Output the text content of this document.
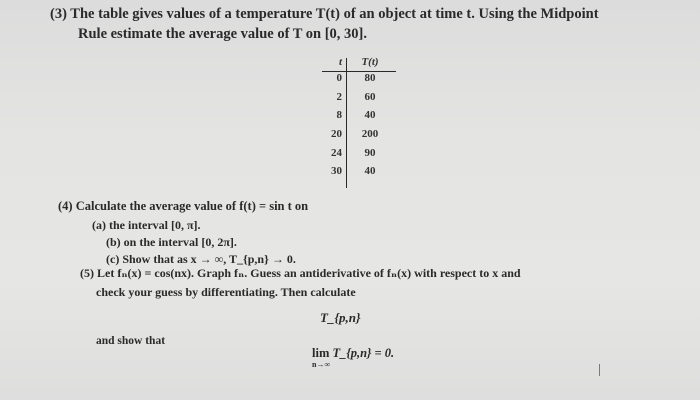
(3) The table gives values of a temperature T(t) of an object at time t. Using the Midpoint
Rule estimate the average value of T on [0, 30].
t	T(t)
0	80
2	60
8	40
20	200
24	90
30	40
(4) Calculate the average value of f(t) = sin t on
(a) the interval [0, π].
(b) on the interval [0, 2π].
(c) Show that as x → ∞, T_{p,n} → 0.
(5) Let fₙ(x) = cos(nx). Graph fₙ. Guess an antiderivative of fₙ(x) with respect to x and
check your guess by differentiating. Then calculate
T_{p,n}
and show that
lim
n→∞
T_{p,n} = 0.
